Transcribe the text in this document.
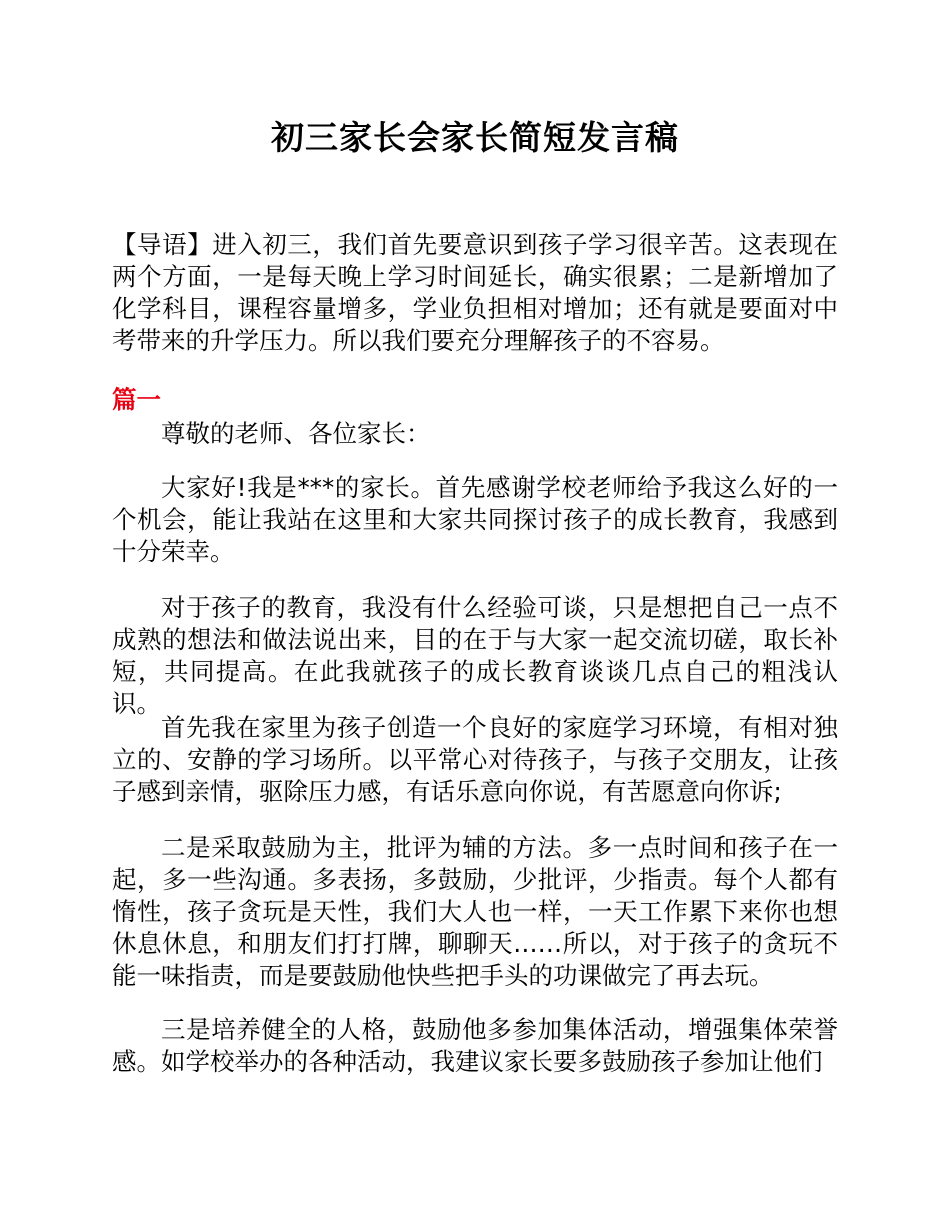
初三家长会家长简短发言稿
【导语】进入初三，我们首先要意识到孩子学习很辛苦。这表现在两个方面，一是每天晚上学习时间延长，确实很累；二是新增加了化学科目，课程容量增多，学业负担相对增加；还有就是要面对中考带来的升学压力。所以我们要充分理解孩子的不容易。
篇一
尊敬的老师、各位家长：
大家好!我是***的家长。首先感谢学校老师给予我这么好的一个机会，能让我站在这里和大家共同探讨孩子的成长教育，我感到十分荣幸。
对于孩子的教育，我没有什么经验可谈，只是想把自己一点不成熟的想法和做法说出来，目的在于与大家一起交流切磋，取长补短，共同提高。在此我就孩子的成长教育谈谈几点自己的粗浅认识。
首先我在家里为孩子创造一个良好的家庭学习环境，有相对独立的、安静的学习场所。以平常心对待孩子，与孩子交朋友，让孩子感到亲情，驱除压力感，有话乐意向你说，有苦愿意向你诉;
二是采取鼓励为主，批评为辅的方法。多一点时间和孩子在一起，多一些沟通。多表扬，多鼓励，少批评，少指责。每个人都有惰性，孩子贪玩是天性，我们大人也一样，一天工作累下来你也想休息休息，和朋友们打打牌，聊聊天……所以，对于孩子的贪玩不能一味指责，而是要鼓励他快些把手头的功课做完了再去玩。
三是培养健全的人格，鼓励他多参加集体活动，增强集体荣誉感。如学校举办的各种活动，我建议家长要多鼓励孩子参加让他们
